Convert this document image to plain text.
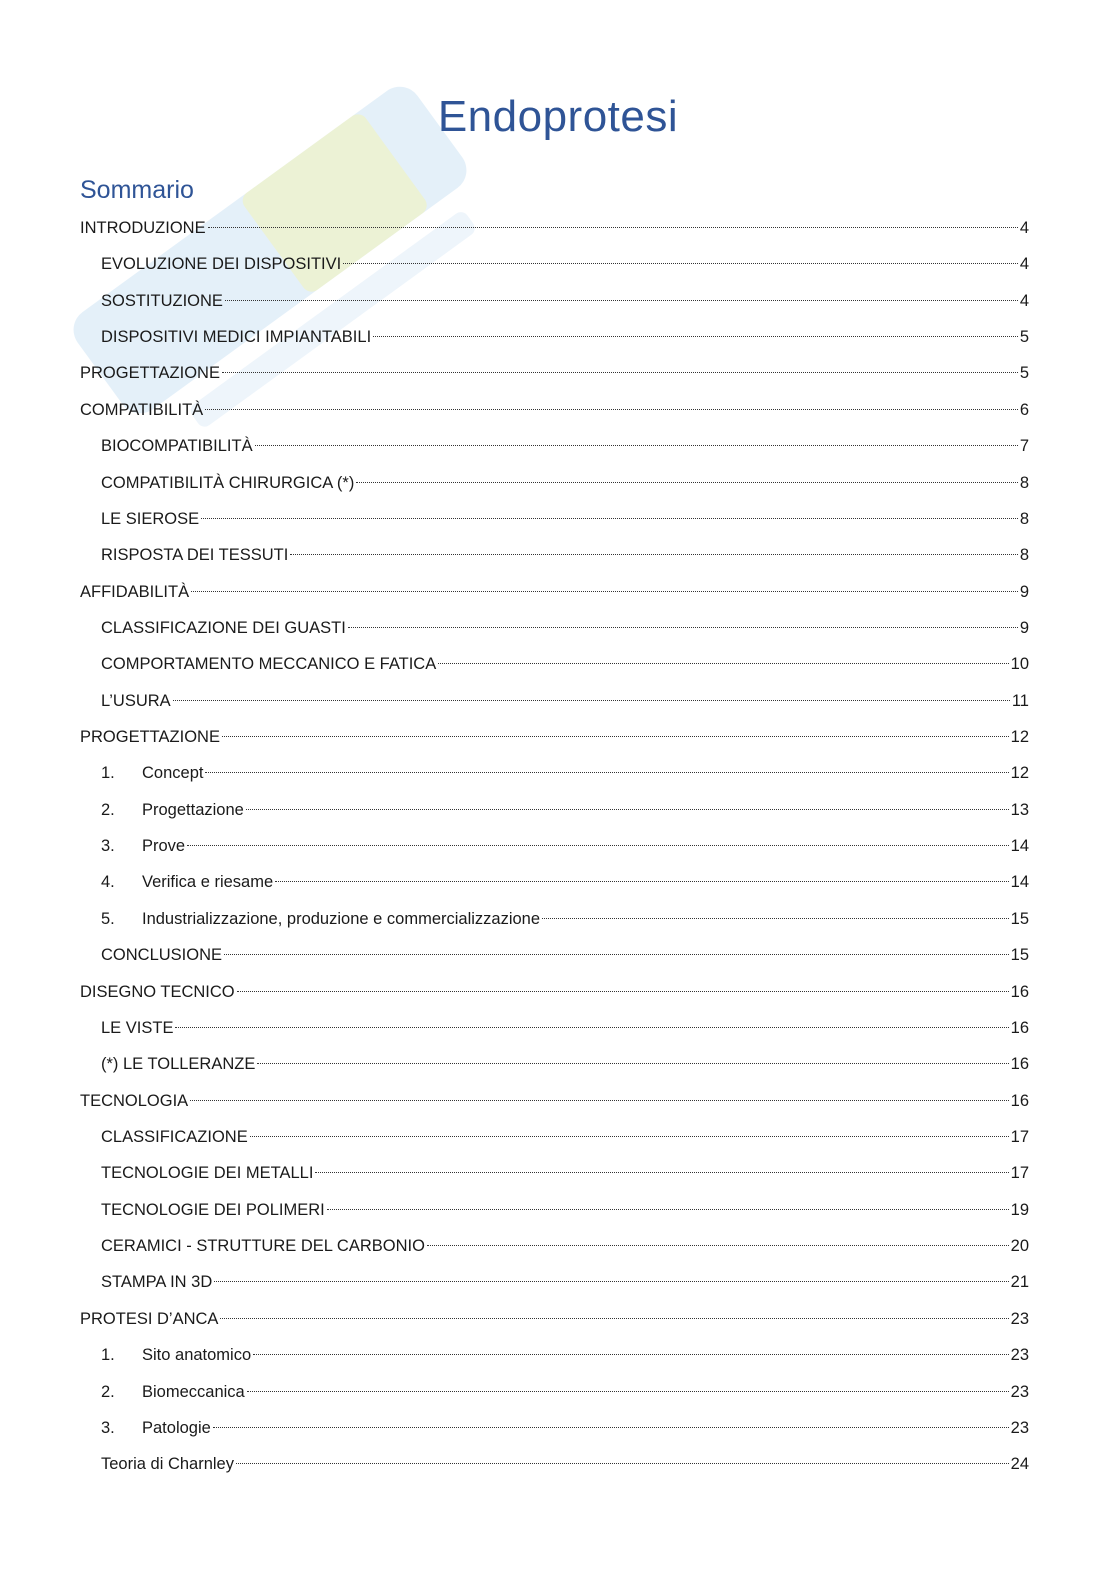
Endoprotesi
Sommario
INTRODUZIONE	4
EVOLUZIONE DEI DISPOSITIVI	4
SOSTITUZIONE	4
DISPOSITIVI MEDICI IMPIANTABILI	5
PROGETTAZIONE	5
COMPATIBILITÀ	6
BIOCOMPATIBILITÀ	7
COMPATIBILITÀ CHIRURGICA (*)	8
LE SIEROSE	8
RISPOSTA DEI TESSUTI	8
AFFIDABILITÀ	9
CLASSIFICAZIONE DEI GUASTI	9
COMPORTAMENTO MECCANICO E FATICA	10
L’USURA	11
PROGETTAZIONE	12
1.	Concept	12
2.	Progettazione	13
3.	Prove	14
4.	Verifica e riesame	14
5.	Industrializzazione, produzione e commercializzazione	15
CONCLUSIONE	15
DISEGNO TECNICO	16
LE VISTE	16
(*) LE TOLLERANZE	16
TECNOLOGIA	16
CLASSIFICAZIONE	17
TECNOLOGIE DEI METALLI	17
TECNOLOGIE DEI POLIMERI	19
CERAMICI - STRUTTURE DEL CARBONIO	20
STAMPA IN 3D	21
PROTESI D’ANCA	23
1.	Sito anatomico	23
2.	Biomeccanica	23
3.	Patologie	23
Teoria di Charnley	24
